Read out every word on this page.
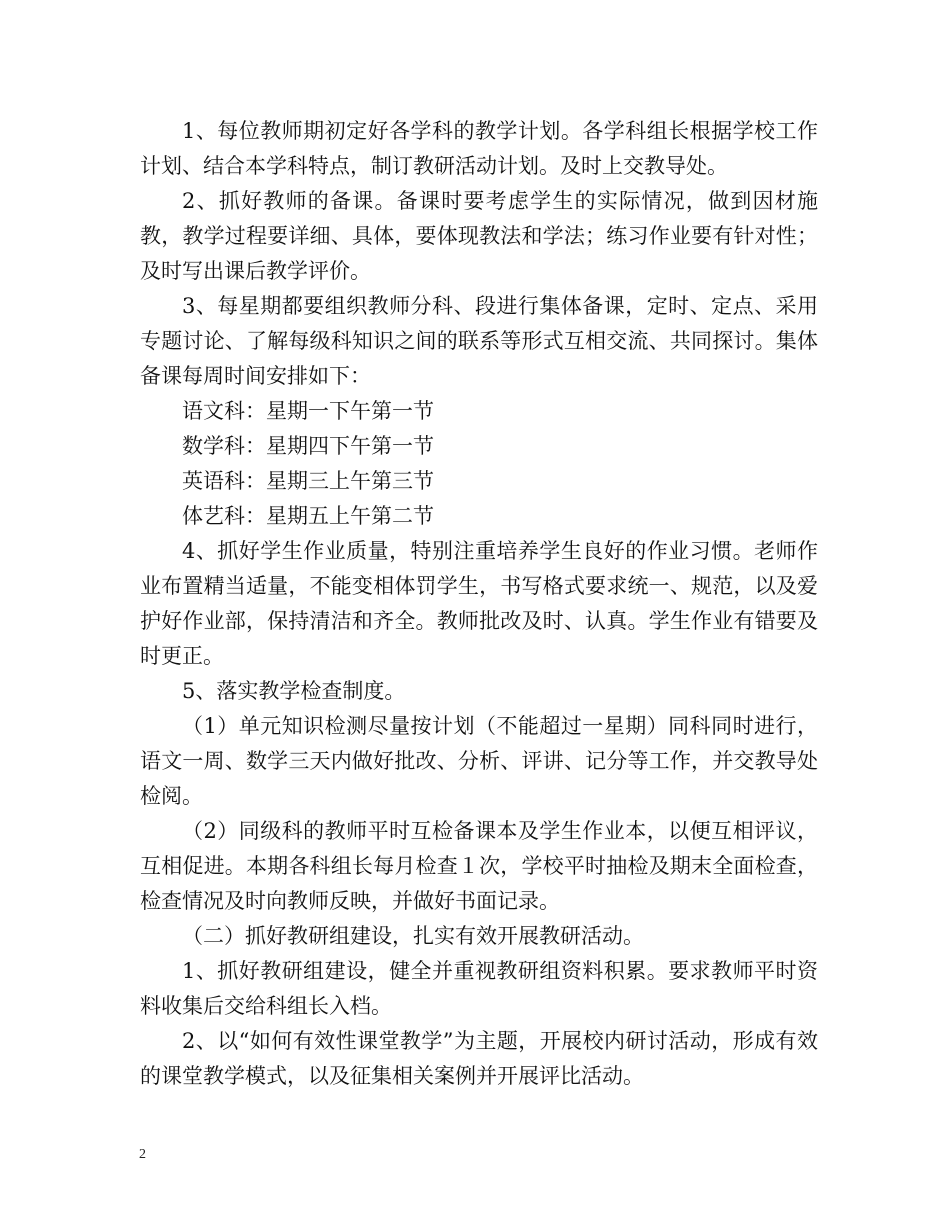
1、每位教师期初定好各学科的教学计划。各学科组长根据学校工作计划、结合本学科特点，制订教研活动计划。及时上交教导处。

2、抓好教师的备课。备课时要考虑学生的实际情况，做到因材施教，教学过程要详细、具体，要体现教法和学法；练习作业要有针对性；及时写出课后教学评价。

3、每星期都要组织教师分科、段进行集体备课，定时、定点、采用专题讨论、了解每级科知识之间的联系等形式互相交流、共同探讨。集体备课每周时间安排如下：

语文科：星期一下午第一节

数学科：星期四下午第一节

英语科：星期三上午第三节

体艺科：星期五上午第二节

4、抓好学生作业质量，特别注重培养学生良好的作业习惯。老师作业布置精当适量，不能变相体罚学生，书写格式要求统一、规范，以及爱护好作业部，保持清洁和齐全。教师批改及时、认真。学生作业有错要及时更正。

5、落实教学检查制度。

（1）单元知识检测尽量按计划（不能超过一星期）同科同时进行，语文一周、数学三天内做好批改、分析、评讲、记分等工作，并交教导处检阅。

（2）同级科的教师平时互检备课本及学生作业本，以便互相评议，互相促进。本期各科组长每月检查１次，学校平时抽检及期末全面检查，检查情况及时向教师反映，并做好书面记录。

（二）抓好教研组建设，扎实有效开展教研活动。

1、抓好教研组建设，健全并重视教研组资料积累。要求教师平时资料收集后交给科组长入档。

2、以“如何有效性课堂教学”为主题，开展校内研讨活动，形成有效的课堂教学模式，以及征集相关案例并开展评比活动。

2
